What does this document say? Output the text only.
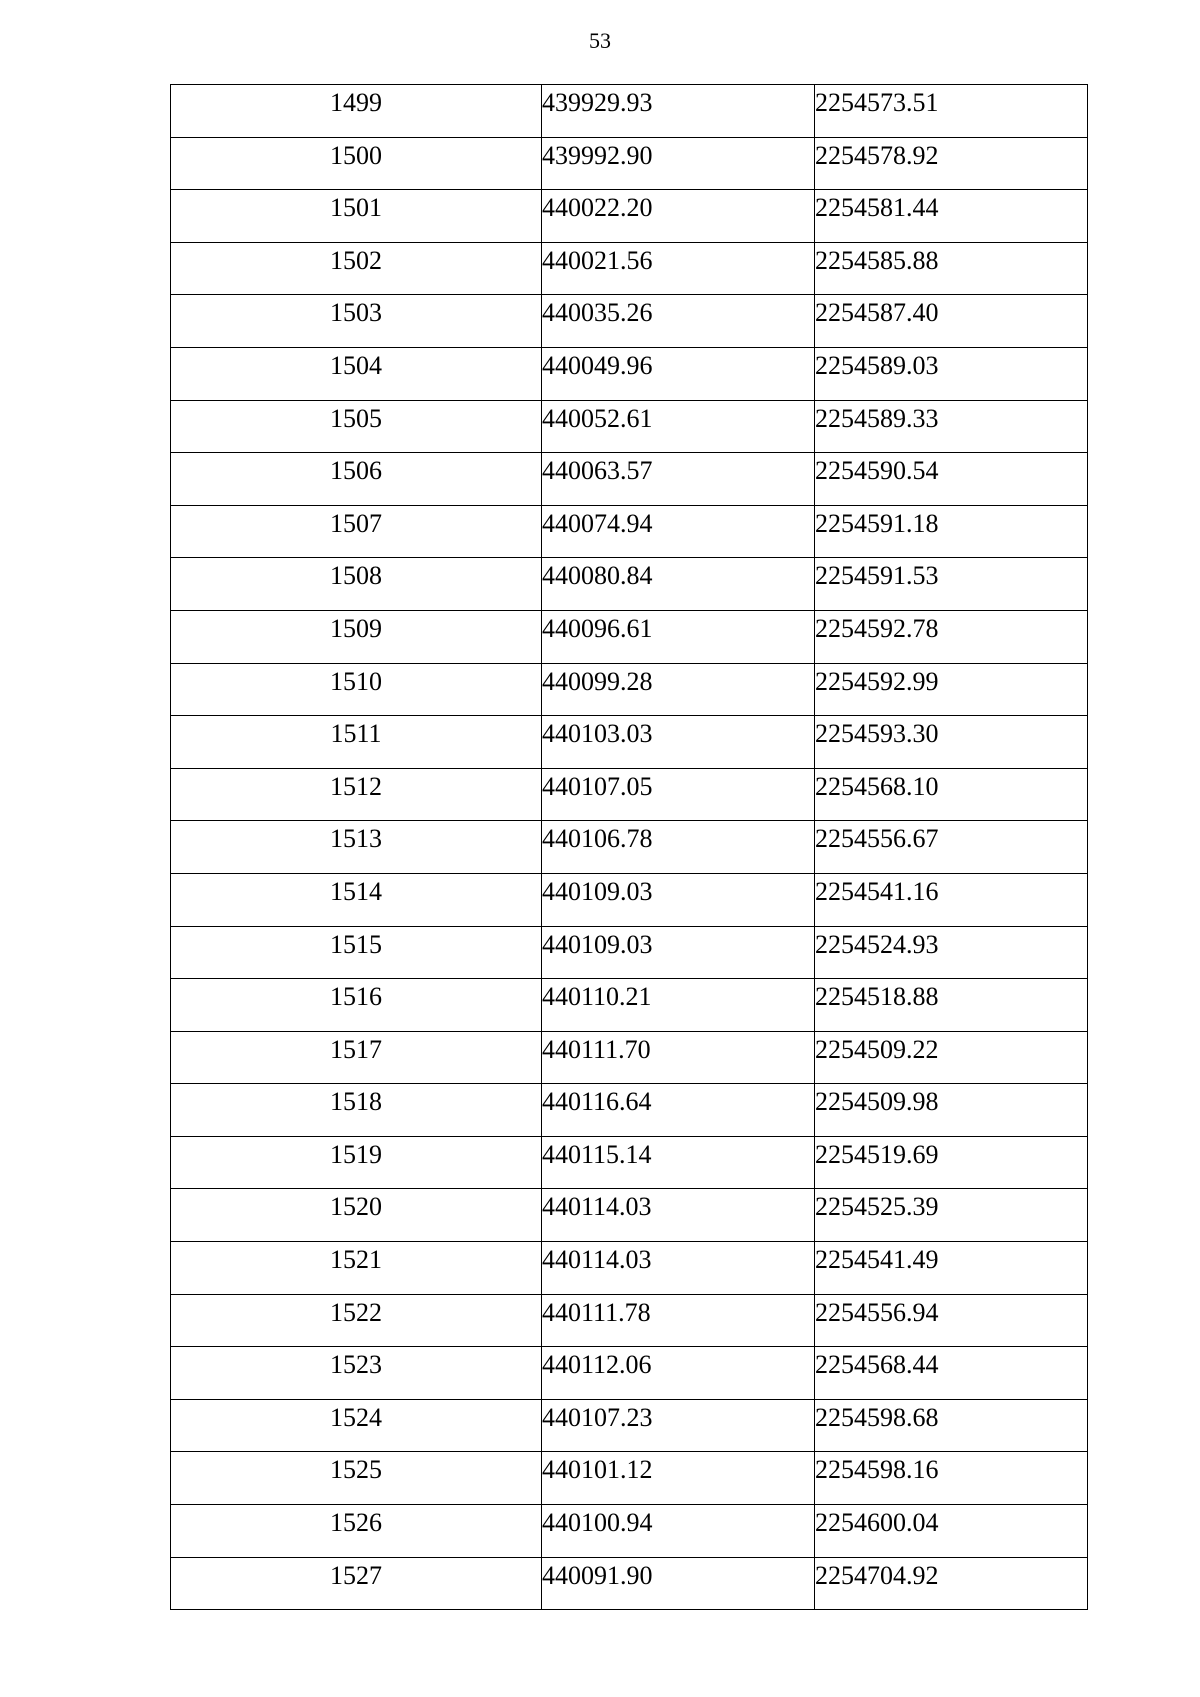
53
1499	439929.93	2254573.51

1500	439992.90	2254578.92

1501	440022.20	2254581.44

1502	440021.56	2254585.88

1503	440035.26	2254587.40

1504	440049.96	2254589.03

1505	440052.61	2254589.33

1506	440063.57	2254590.54

1507	440074.94	2254591.18

1508	440080.84	2254591.53

1509	440096.61	2254592.78

1510	440099.28	2254592.99

1511	440103.03	2254593.30

1512	440107.05	2254568.10

1513	440106.78	2254556.67

1514	440109.03	2254541.16

1515	440109.03	2254524.93

1516	440110.21	2254518.88

1517	440111.70	2254509.22

1518	440116.64	2254509.98

1519	440115.14	2254519.69

1520	440114.03	2254525.39

1521	440114.03	2254541.49

1522	440111.78	2254556.94

1523	440112.06	2254568.44

1524	440107.23	2254598.68

1525	440101.12	2254598.16

1526	440100.94	2254600.04

1527	440091.90	2254704.92
